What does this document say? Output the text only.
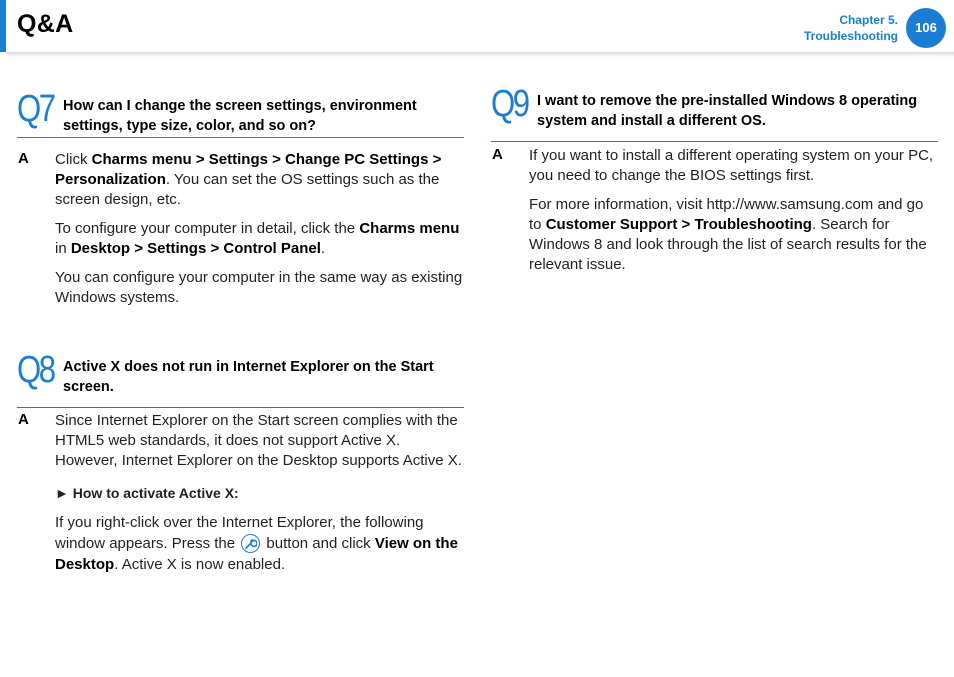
Q&A	Chapter 5.
Troubleshooting
106
Q7 How can I change the screen settings, environment settings, type size, color, and so on?
A Click Charms menu > Settings > Change PC Settings > Personalization. You can set the OS settings such as the screen design, etc.

To configure your computer in detail, click the Charms menu in Desktop > Settings > Control Panel.

You can configure your computer in the same way as existing Windows systems.

Q8 Active X does not run in Internet Explorer on the Start screen.
A Since Internet Explorer on the Start screen complies with the HTML5 web standards, it does not support Active X. However, Internet Explorer on the Desktop supports Active X.

► How to activate Active X:

If you right-click over the Internet Explorer, the following window appears. Press the
button and click View on the Desktop. Active X is now enabled.

Q9 I want to remove the pre-installed Windows 8 operating system and install a different OS.
A If you want to install a different operating system on your PC, you need to change the BIOS settings first.

For more information, visit http://www.samsung.com and go to Customer Support > Troubleshooting. Search for Windows 8 and look through the list of search results for the relevant issue.
